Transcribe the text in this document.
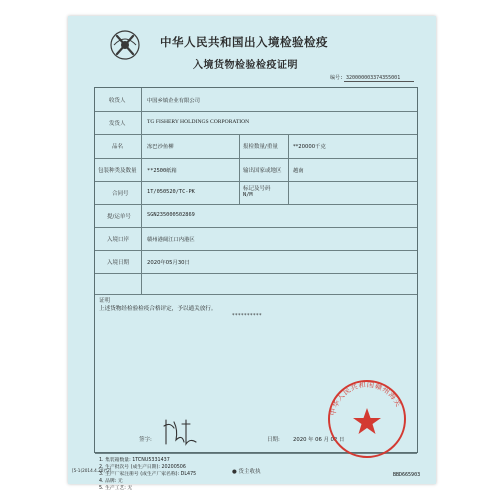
中华人民共和国出入境检验检疫
入境货物检验检疫证明
编号: 320000003374355001
收货人	中国乡镇企业有限公司
发货人	TG FISHERY HOLDINGS CORPORATION
品名	冻巴沙鱼柳	报检数量/重量	**20000千克
包装种类及数量 **2500纸箱	输出国家或地区 越南
合同号	1T/050520/TC-PK	标记及号码
N/M
提/运单号	SGN235000502869
入境口岸	赣州港阔江口内港区
入境日期	2020年05月30日
证明
上述货物经检验检疫合格评定，予以通关放行。
**********
签字:	日期: 2020 年 06 月 02 日
1. 集装箱数量: 1TCNU5331437
2. 生产批次号 (成生产日期): 20200506
3. 生产厂家注册号 (成生产厂家名称): DL475
4. 品牌: 无
5. 生产工艺: 无
中华人民共和国赣州海关
[5-1(2014.4.20)*2]	● 货主收执	BBD665903
